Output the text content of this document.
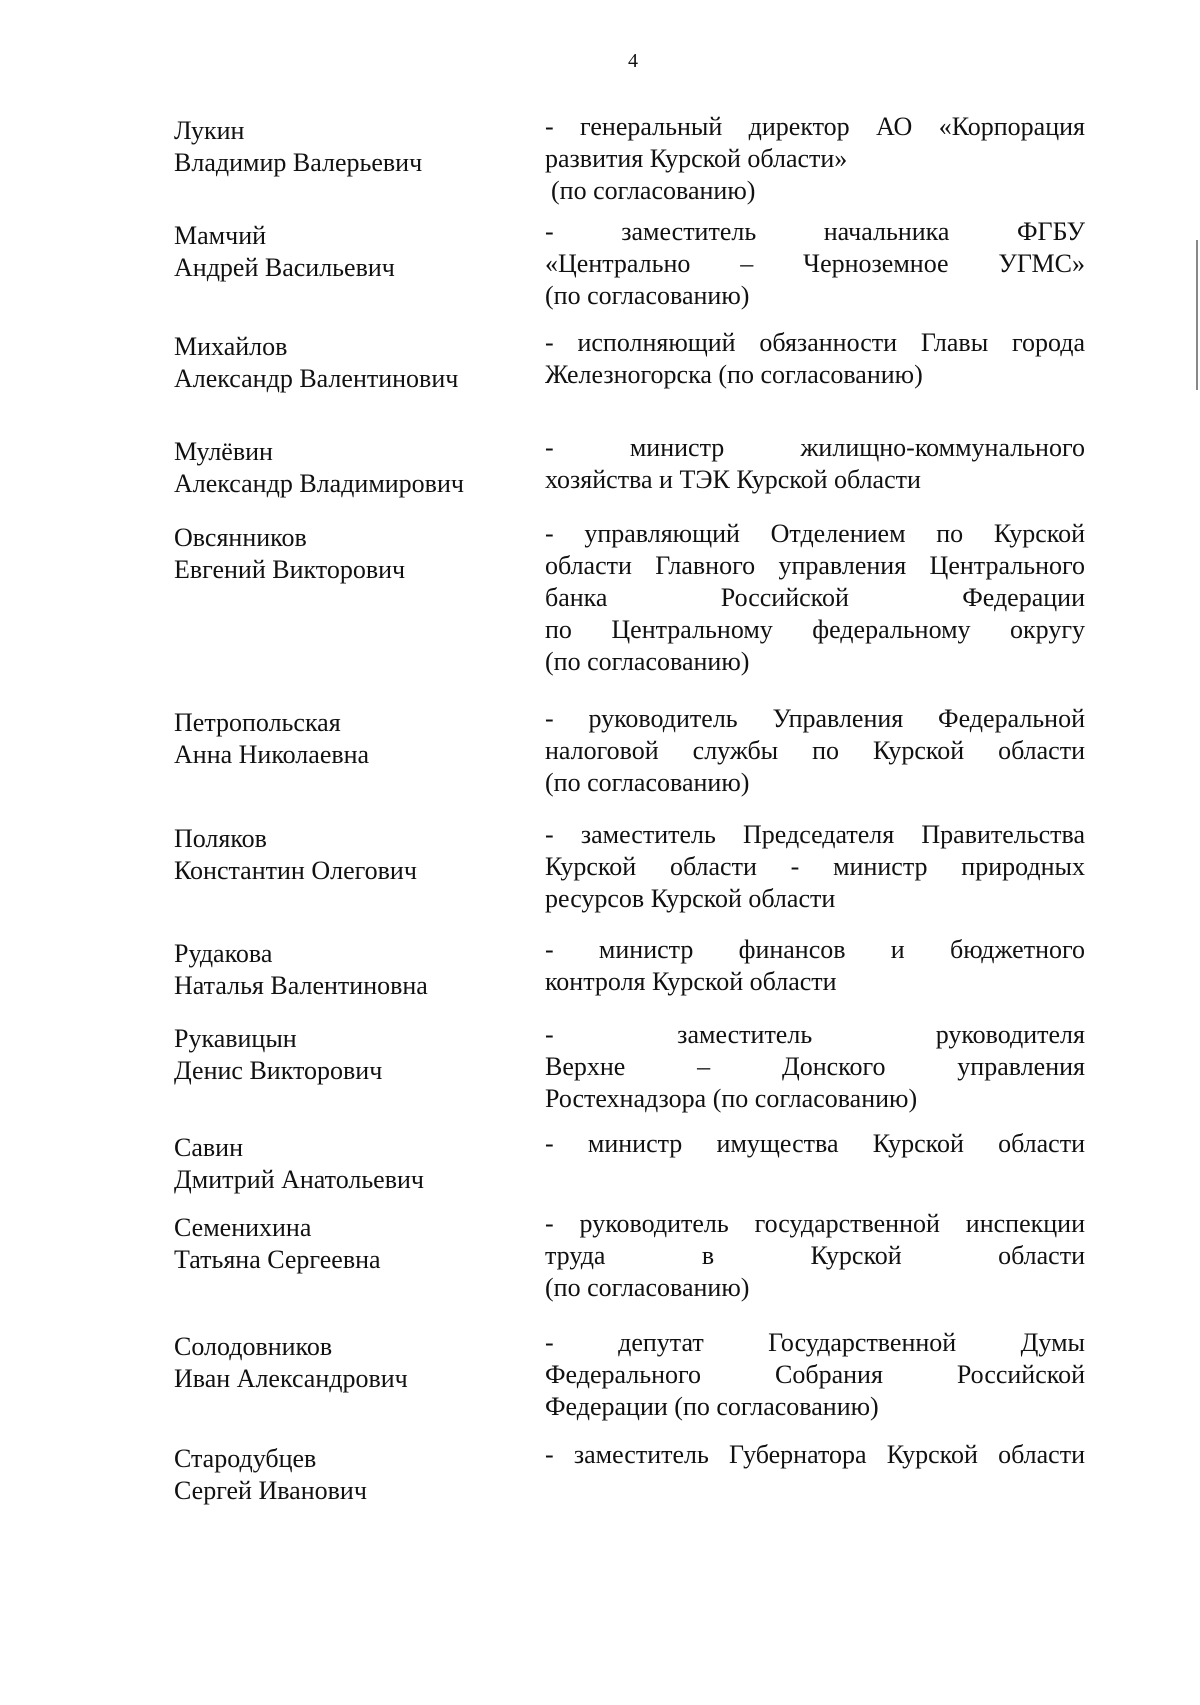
4
Лукин
Владимир Валерьевич
- генеральный директор АО «Корпорация
развития Курской области»
(по согласованию)
Мамчий
Андрей Васильевич
- заместитель начальника ФГБУ
«Центрально – Черноземное УГМС»
(по согласованию)
Михайлов
Александр Валентинович
- исполняющий обязанности Главы города
Железногорска (по согласованию)
Мулёвин
Александр Владимирович
- министр жилищно-коммунального
хозяйства и ТЭК Курской области
Овсянников
Евгений Викторович
- управляющий Отделением по Курской
области Главного управления Центрального
банка Российской Федерации
по Центральному федеральному округу
(по согласованию)
Петропольская
Анна Николаевна
- руководитель Управления Федеральной
налоговой службы по Курской области
(по согласованию)
Поляков
Константин Олегович
- заместитель Председателя Правительства
Курской области - министр природных
ресурсов Курской области
Рудакова
Наталья Валентиновна
- министр финансов и бюджетного
контроля Курской области
Рукавицын
Денис Викторович
- заместитель руководителя
Верхне – Донского управления
Ростехнадзора (по согласованию)
Савин
Дмитрий Анатольевич
- министр имущества Курской области
Семенихина
Татьяна Сергеевна
- руководитель государственной инспекции
труда в Курской области
(по согласованию)
Солодовников
Иван Александрович
- депутат Государственной Думы
Федерального Собрания Российской
Федерации (по согласованию)
Стародубцев
Сергей Иванович
- заместитель Губернатора Курской области
